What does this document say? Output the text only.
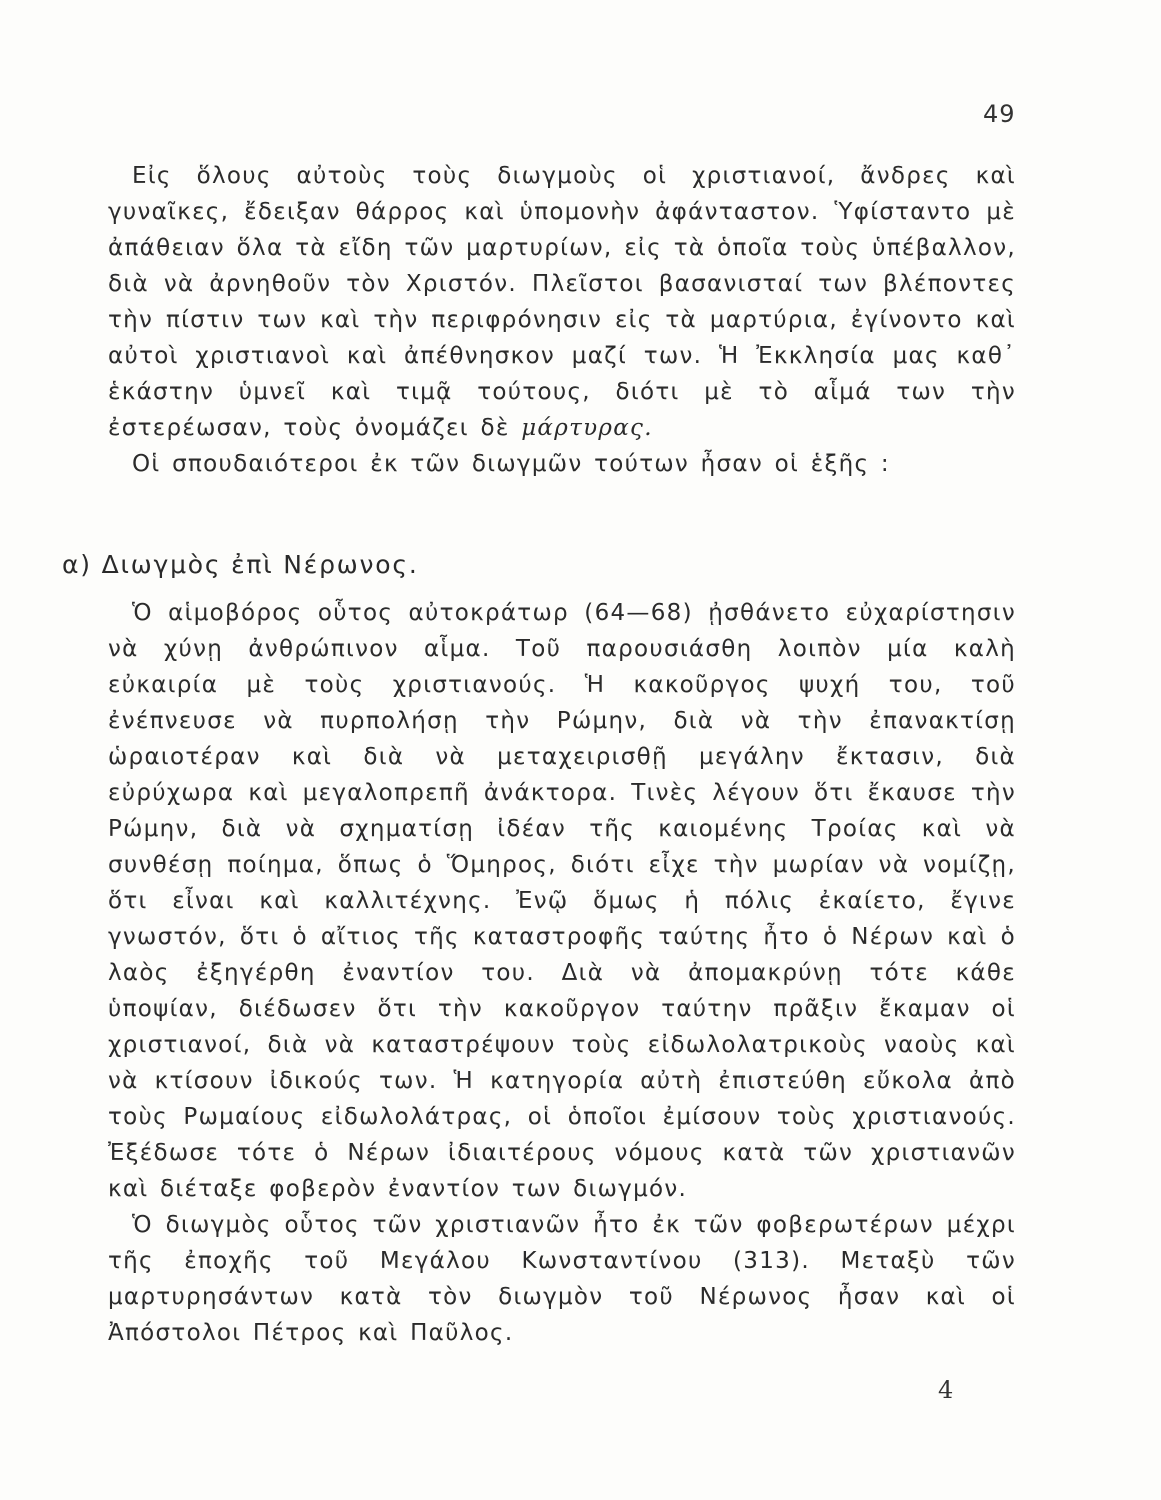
49

Εἰς ὅλους αὐτοὺς τοὺς διωγμοὺς οἱ χριστιανοί, ἄνδρες καὶ γυναῖκες, ἔδειξαν θάρρος καὶ ὑπομονὴν ἀφάνταστον. Ὑφίσταντο μὲ ἀπάθειαν ὅλα τὰ εἴδη τῶν μαρτυρίων, εἰς τὰ ὁποῖα τοὺς ὑπέβαλλον, διὰ νὰ ἀρνηθοῦν τὸν Χριστόν. Πλεῖστοι βασανισταί των βλέποντες τὴν πίστιν των καὶ τὴν περιφρόνησιν εἰς τὰ μαρτύρια, ἐγίνοντο καὶ αὐτοὶ χριστιανοὶ καὶ ἀπέθνησκον μαζί των. Ἡ Ἐκκλησία μας καθ᾽ ἑκάστην ὑμνεῖ καὶ τιμᾷ τούτους, διότι μὲ τὸ αἷμά των τὴν ἐστερέωσαν, τοὺς ὀνομάζει δὲ μάρτυρας.

Οἱ σπουδαιότεροι ἐκ τῶν διωγμῶν τούτων ἦσαν οἱ ἑξῆς :

α) Διωγμὸς ἐπὶ Νέρωνος.

Ὁ αἱμοβόρος οὗτος αὐτοκράτωρ (64—68) ᾐσθάνετο εὐχαρίστησιν νὰ χύνῃ ἀνθρώπινον αἷμα. Τοῦ παρουσιάσθη λοιπὸν μία καλὴ εὐκαιρία μὲ τοὺς χριστιανούς. Ἡ κακοῦργος ψυχή του, τοῦ ἐνέπνευσε νὰ πυρπολήσῃ τὴν Ρώμην, διὰ νὰ τὴν ἐπανακτίσῃ ὡραιοτέραν καὶ διὰ νὰ μεταχειρισθῇ μεγάλην ἔκτασιν, διὰ εὐρύχωρα καὶ μεγαλοπρεπῆ ἀνάκτορα. Τινὲς λέγουν ὅτι ἔκαυσε τὴν Ρώμην, διὰ νὰ σχηματίσῃ ἰδέαν τῆς καιομένης Τροίας καὶ νὰ συνθέσῃ ποίημα, ὅπως ὁ Ὅμηρος, διότι εἶχε τὴν μωρίαν νὰ νομίζῃ, ὅτι εἶναι καὶ καλλιτέχνης. Ἐνῷ ὅμως ἡ πόλις ἐκαίετο, ἔγινε γνωστόν, ὅτι ὁ αἴτιος τῆς καταστροφῆς ταύτης ἦτο ὁ Νέρων καὶ ὁ λαὸς ἐξηγέρθη ἐναντίον του. Διὰ νὰ ἀπομακρύνῃ τότε κάθε ὑποψίαν, διέδωσεν ὅτι τὴν κακοῦργον ταύτην πρᾶξιν ἔκαμαν οἱ χριστιανοί, διὰ νὰ καταστρέψουν τοὺς εἰδωλολατρικοὺς ναοὺς καὶ νὰ κτίσουν ἰδικούς των. Ἡ κατηγορία αὐτὴ ἐπιστεύθη εὔκολα ἀπὸ τοὺς Ρωμαίους εἰδωλολάτρας, οἱ ὁποῖοι ἐμίσουν τοὺς χριστιανούς. Ἐξέδωσε τότε ὁ Νέρων ἰδιαιτέρους νόμους κατὰ τῶν χριστιανῶν καὶ διέταξε φοβερὸν ἐναντίον των διωγμόν.

Ὁ διωγμὸς οὗτος τῶν χριστιανῶν ἦτο ἐκ τῶν φοβερωτέρων μέχρι τῆς ἐποχῆς τοῦ Μεγάλου Κωνσταντίνου (313). Μεταξὺ τῶν μαρτυρησάντων κατὰ τὸν διωγμὸν τοῦ Νέρωνος ἦσαν καὶ οἱ Ἀπόστολοι Πέτρος καὶ Παῦλος.

4
